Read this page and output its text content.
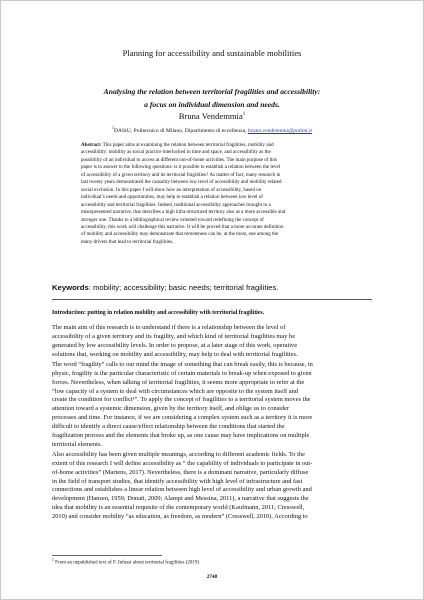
Planning for accessibility and sustainable mobilities
Analysing the relation between territorial fragilities and accessibility:
a focus on individual dimension and needs.
Bruna Vendemmia$^1$
$^1$DAStU, Politecnico di Milano, Dipartimento di eccellenza, bruna.vendemmia@polimi.it
Abstract: This paper aims at examining the relation between territorial fragilities, mobility and
accessibility: mobility as social practice interlocked in time and space, and accessibility as the
possibility of an individual to access at different out-of-home activities. The main purpose of this
paper is to answer to the following questions: is it possible to establish a relation between the level
of accessibility of a given territory and its territorial fragilities? As matter of fact, many research in
last twenty years demonstrated the causality between low level of accessibility and mobility related
social exclusion. In this paper I will show how an interpretation of accessibility, based on
individual’s needs and opportunities, may help to establish a relation between low level of
accessibility and territorial fragilities. Indeed, traditional accessibility approaches brought to a
misrepresented narrative, that describes a high infra-structured territory also as a more accessible and
stronger one. Thanks to a bibliographical review oriented toward redefining the concept of
accessibility, this work will challenge this narrative. It will be proved that a more accurate definition
of mobility and accessibility may demonstrate that remoteness can be, at the most, one among the
many drivers that lead to territorial fragilities.
Keywords: mobility; accessibility; basic needs; territorial fragilities.
Introduction: putting in relation mobility and accessibility with territorial fragilities.
The main aim of this research is to understand if there is a relationship between the level of
accessibility of a given territory and its fragility, and which kind of territorial fragilities may be
generated by low accessibility levels. In order to propose, at a later stage of this work, operative
solutions that, working on mobility and accessibility, may help to deal with territorial fragilities.
The word “fragility” calls to our mind the image of something that can break easily, this is because, in
physic, fragility is the particular characteristic of certain materials to break-up when exposed to given
forces. Nevertheless, when talking of territorial fragilities, it seems more appropriate to refer at the
“low capacity of a system to deal with circumstances which are opposite to the system itself and
create the condition for conflict¹”. To apply the concept of fragilities to a territorial system moves the
attention toward a systemic dimension, given by the territory itself, and oblige us to consider
processes and time. For instance, if we are considering a complex system such as a territory it is more
difficult to identify a direct cause/effect relationship between the conditions that started the
fragilization process and the elements that broke up, as one cause may have implications on multiple
territorial elements.
Also accessibility has been given multiple meanings, according to different academic fields. To the
extent of this research I will define accessibility as “ the capability of individuals to participate in out-
of-home activities” (Martens, 2017). Nevertheless, there is a dominant narrative, particularly diffuse
in the field of transport studies, that identify accessibility with high level of infrastructure and fast
connections and establishes a linear relation between high level of accessibility and urban growth and
development (Hansen, 1959; Donati, 2009; Alampi and Messina, 2011), a narrative that suggests the
idea that mobility is an essential requisite of the contemporary world (Kaufmann, 2011; Cresswell,
2010) and consider mobility “as education, as freedom, as modern” (Cresswell, 2010). According to
$^1$ From an unpublished text of F. Infussi about territorial fragilities (2019)
2748
